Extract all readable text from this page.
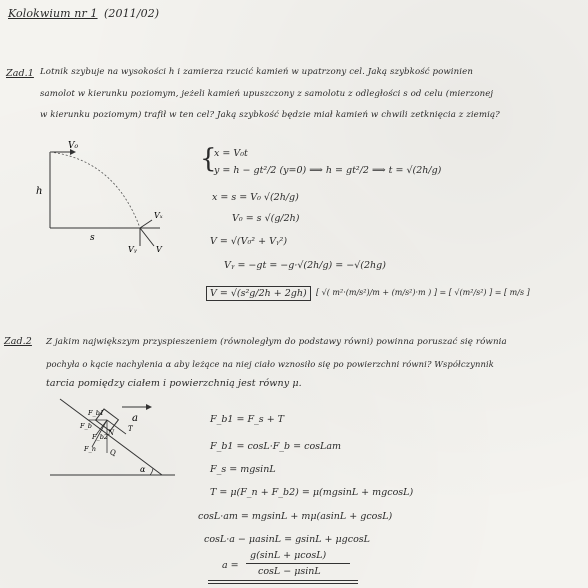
Kolokwium nr 1 (2011/02)
Zad.1 Lotnik szybuje na wysokości h i zamierza rzucić kamień w upatrzony cel. Jaką szybkość powinien
samolot w kierunku poziomym, jeżeli kamień upuszczony z samolotu z odległości s od celu (mierzonej
w kierunku poziomym) trafił w ten cel? Jaką szybkość będzie miał kamień w chwili zetknięcia z ziemią?
V₀
h
s
Vₓ
Vᵧ V
{
x = V₀t
y = h − gt²/2 (y=0) ⟹ h = gt²/2 ⟹ t = √(2h/g)
x = s = V₀ √(2h/g)
V₀ = s √(g/2h)
V = √(V₀² + Vᵧ²)
Vᵧ = −gt = −g·√(2h/g) = −√(2hg)
V = √(s²g/2h + 2gh)	[ √( m²·(m/s²)/m + (m/s²)·m ) ] = [ √(m²/s²) ] = [ m/s ]
Zad.2 Z jakim największym przyspieszeniem (równoległym do podstawy równi) powinna poruszać się równia
pochyła o kącie nachylenia α aby leżące na niej ciało wznosiło się po powierzchni równi? Współczynnik
tarcia pomiędzy ciałem i powierzchnią jest równy μ.
a
F_b
F_b1
F_b2
Q
N T
F_n
α
F_b1 = F_s + T
F_b1 = cosL·F_b = cosLam
F_s = mgsinL
T = μ(F_n + F_b2) = μ(mgsinL + mgcosL)
cosL·am = mgsinL + mμ(asinL + gcosL)
cosL·a − μasinL = gsinL + μgcosL
a =
g(sinL + μcosL)
cosL − μsinL
